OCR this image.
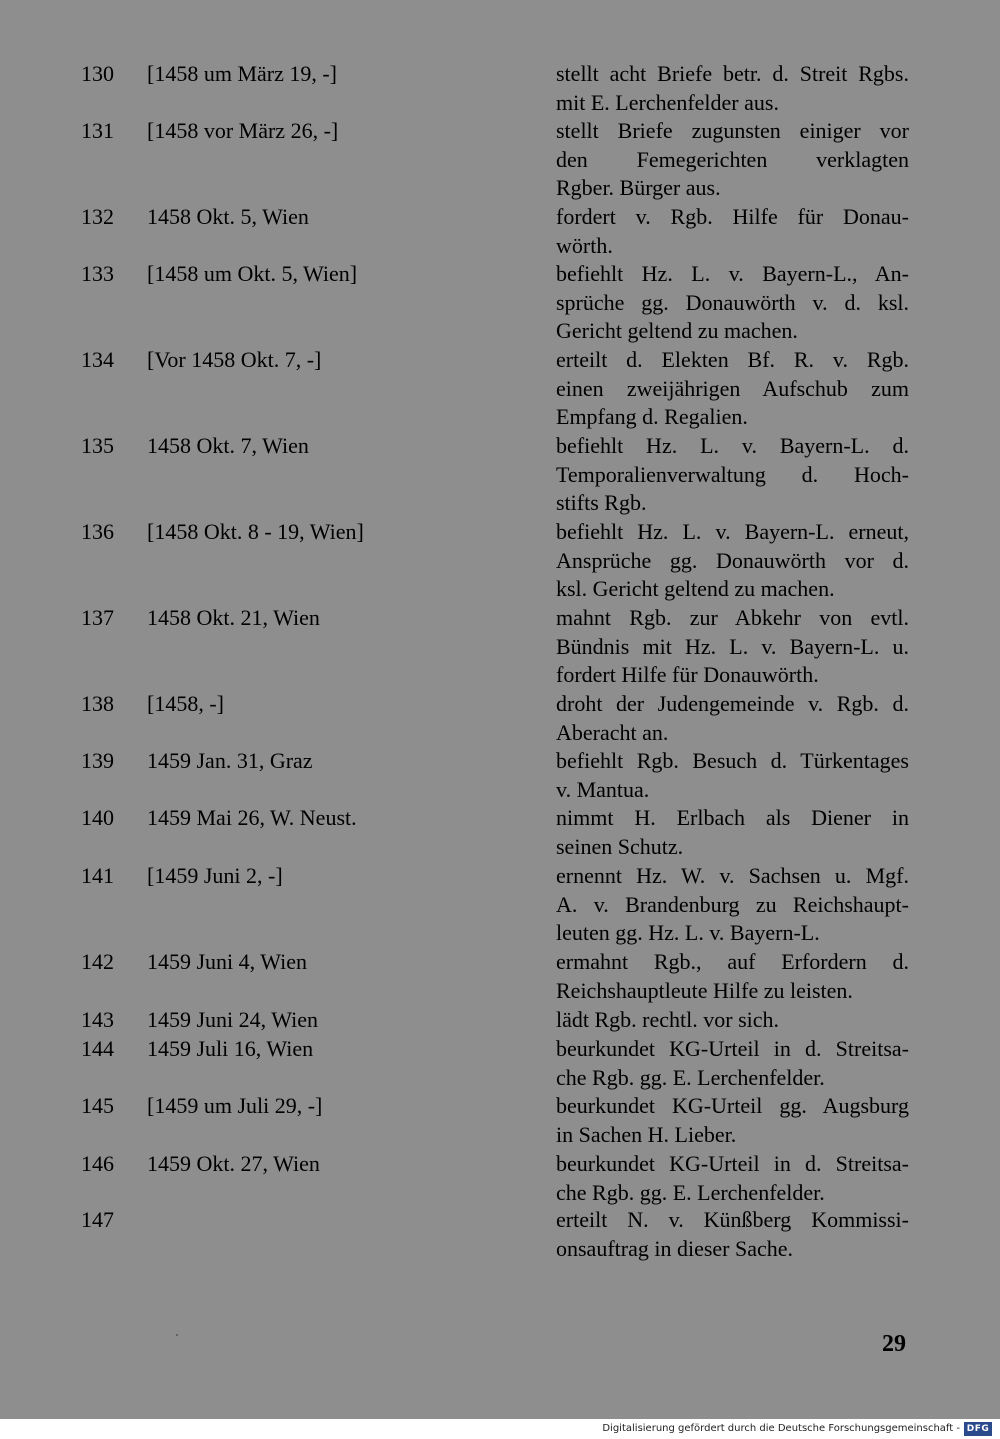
130 [1458 um März 19, -]	stellt acht Briefe betr. d. Streit Rgbs.
mit E. Lerchenfelder aus.
131 [1458 vor März 26, -]	stellt Briefe zugunsten einiger vor
den Femegerichten verklagten
Rgber. Bürger aus.
132 1458 Okt. 5, Wien	fordert v. Rgb. Hilfe für Donau-
wörth.
133 [1458 um Okt. 5, Wien]	befiehlt Hz. L. v. Bayern-L., An-
sprüche gg. Donauwörth v. d. ksl.
Gericht geltend zu machen.
134 [Vor 1458 Okt. 7, -]	erteilt d. Elekten Bf. R. v. Rgb.
einen zweijährigen Aufschub zum
Empfang d. Regalien.
135 1458 Okt. 7, Wien	befiehlt Hz. L. v. Bayern-L. d.
Temporalienverwaltung d. Hoch-
stifts Rgb.
136 [1458 Okt. 8 - 19, Wien]	befiehlt Hz. L. v. Bayern-L. erneut,
Ansprüche gg. Donauwörth vor d.
ksl. Gericht geltend zu machen.
137 1458 Okt. 21, Wien	mahnt Rgb. zur Abkehr von evtl.
Bündnis mit Hz. L. v. Bayern-L. u.
fordert Hilfe für Donauwörth.
138 [1458, -]	droht der Judengemeinde v. Rgb. d.
Aberacht an.
139 1459 Jan. 31, Graz	befiehlt Rgb. Besuch d. Türkentages
v. Mantua.
140 1459 Mai 26, W. Neust.	nimmt H. Erlbach als Diener in
seinen Schutz.
141 [1459 Juni 2, -]	ernennt Hz. W. v. Sachsen u. Mgf.
A. v. Brandenburg zu Reichshaupt-
leuten gg. Hz. L. v. Bayern-L.
142 1459 Juni 4, Wien	ermahnt Rgb., auf Erfordern d.
Reichshauptleute Hilfe zu leisten.
143 1459 Juni 24, Wien	lädt Rgb. rechtl. vor sich.
144 1459 Juli 16, Wien	beurkundet KG-Urteil in d. Streitsa-
che Rgb. gg. E. Lerchenfelder.
145 [1459 um Juli 29, -]	beurkundet KG-Urteil gg. Augsburg
in Sachen H. Lieber.
146 1459 Okt. 27, Wien	beurkundet KG-Urteil in d. Streitsa-
che Rgb. gg. E. Lerchenfelder.
147	erteilt N. v. Künßberg Kommissi-
onsauftrag in dieser Sache.
29
Digitalisierung gefördert durch die Deutsche Forschungsgemeinschaft - DFG
